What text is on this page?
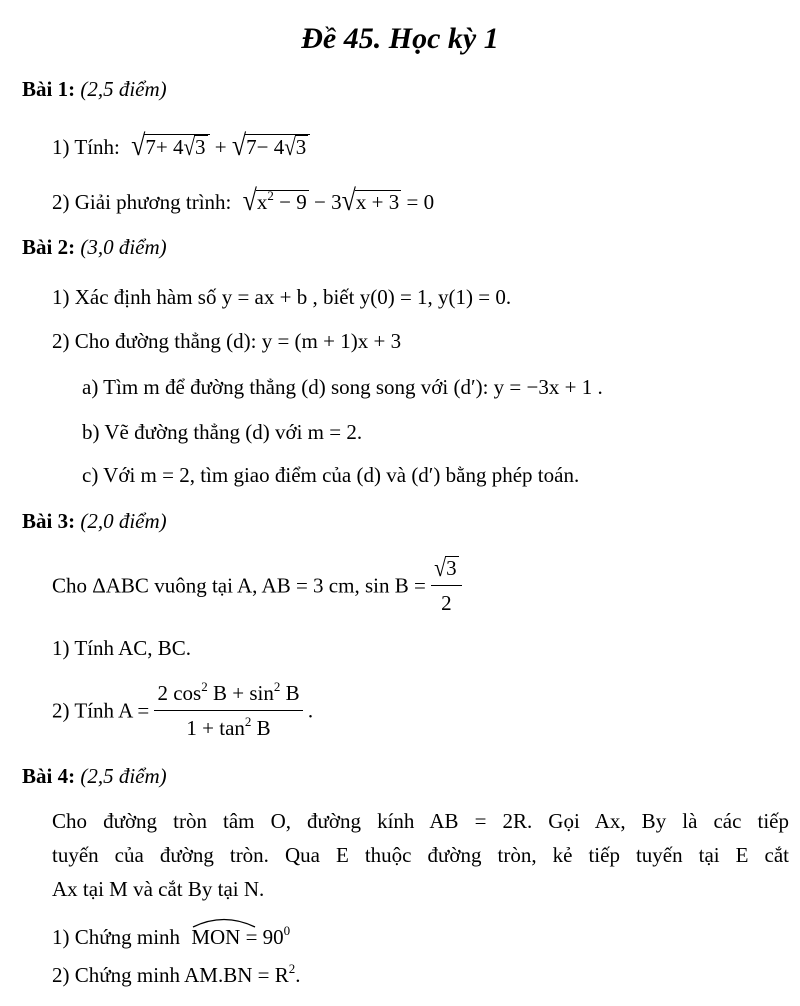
Đề 45. Học kỳ 1
Bài 1: (2,5 điểm)
1) Tính: √7+ 4√3 + √7− 4√3
2) Giải phương trình: $√x^2 - 9 - 3√x + 3 = 0$
Bài 2: (3,0 điểm)
1) Xác định hàm số y = ax + b , biết y(0) = 1, y(1) = 0.
2) Cho đường thẳng (d): y = (m + 1)x + 3
a) Tìm m để đường thẳng (d) song song với (d′): y = −3x + 1 .
b) Vẽ đường thẳng (d) với m = 2.
c) Với m = 2, tìm giao điểm của (d) và (d′) bằng phép toán.
Bài 3: (2,0 điểm)
Cho ΔABC vuông tại A, AB = 3 cm, $\sin B = \frac{√3}{2}$
1) Tính AC, BC.
2) Tính $A = \frac{2 \cos^2 B + \sin^2 B}{1 + \tan^2 B}$ .
Bài 4: (2,5 điểm)
Cho đường tròn tâm O, đường kính AB = 2R. Gọi Ax, By là các tiếp
tuyến của đường tròn. Qua E thuộc đường tròn, kẻ tiếp tuyến tại E cắt
Ax tại M và cắt By tại N.
1) Chứng minh MON = $90^0$
2) Chứng minh $AM.BN = R^2$.
